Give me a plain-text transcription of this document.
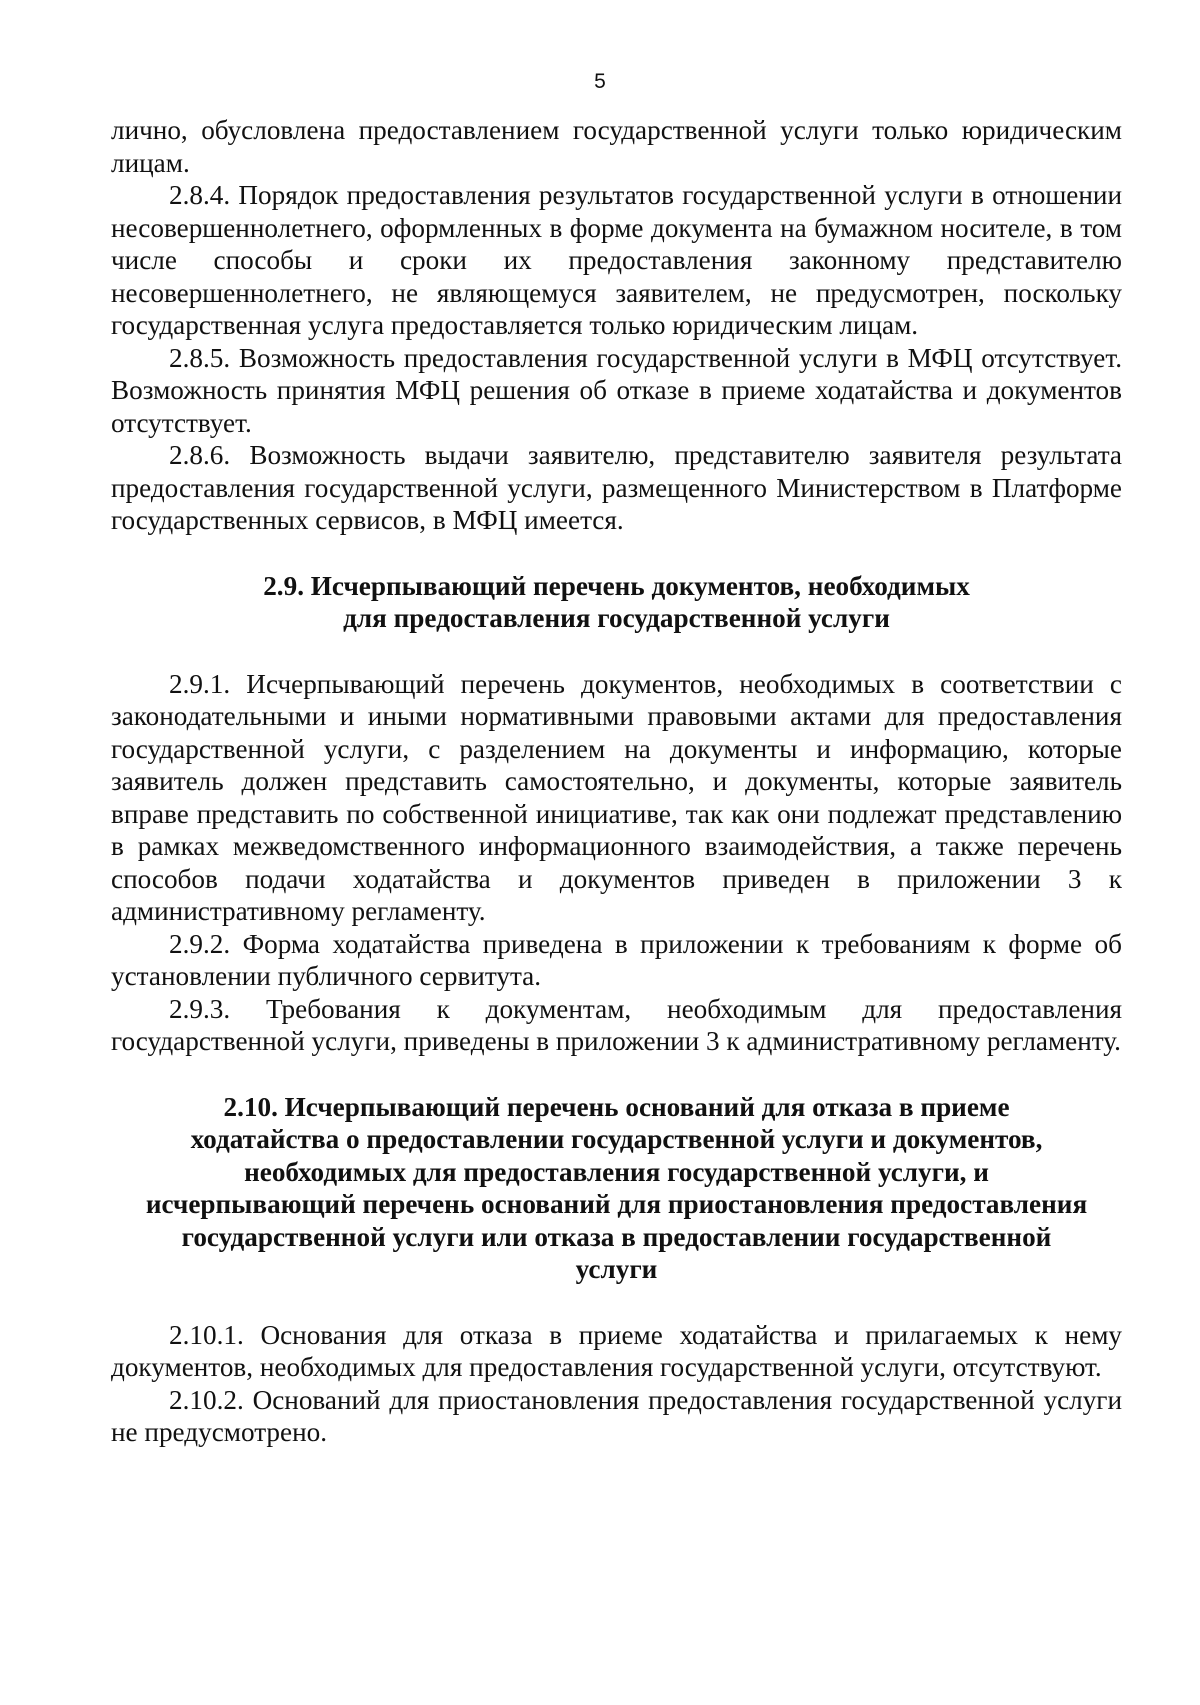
5

лично, обусловлена предоставлением государственной услуги только юридическим лицам.

2.8.4. Порядок предоставления результатов государственной услуги в отношении несовершеннолетнего, оформленных в форме документа на бумажном носителе, в том числе способы и сроки их предоставления законному представителю несовершеннолетнего, не являющемуся заявителем, не предусмотрен, поскольку государственная услуга предоставляется только юридическим лицам.

2.8.5. Возможность предоставления государственной услуги в МФЦ отсутствует. Возможность принятия МФЦ решения об отказе в приеме ходатайства и документов отсутствует.

2.8.6. Возможность выдачи заявителю, представителю заявителя результата предоставления государственной услуги, размещенного Министерством в Платформе государственных сервисов, в МФЦ имеется.

2.9. Исчерпывающий перечень документов, необходимых
для предоставления государственной услуги

2.9.1. Исчерпывающий перечень документов, необходимых в соответствии с законодательными и иными нормативными правовыми актами для предоставления государственной услуги, с разделением на документы и информацию, которые заявитель должен представить самостоятельно, и документы, которые заявитель вправе представить по собственной инициативе, так как они подлежат представлению в рамках межведомственного информационного взаимодействия, а также перечень способов подачи ходатайства и документов приведен в приложении 3 к административному регламенту.

2.9.2. Форма ходатайства приведена в приложении к требованиям к форме об установлении публичного сервитута.

2.9.3. Требования к документам, необходимым для предоставления государственной услуги, приведены в приложении 3 к административному регламенту.

2.10. Исчерпывающий перечень оснований для отказа в приеме
ходатайства о предоставлении государственной услуги и документов,
необходимых для предоставления государственной услуги, и
исчерпывающий перечень оснований для приостановления предоставления
государственной услуги или отказа в предоставлении государственной
услуги

2.10.1. Основания для отказа в приеме ходатайства и прилагаемых к нему документов, необходимых для предоставления государственной услуги, отсутствуют.

2.10.2. Оснований для приостановления предоставления государственной услуги не предусмотрено.
